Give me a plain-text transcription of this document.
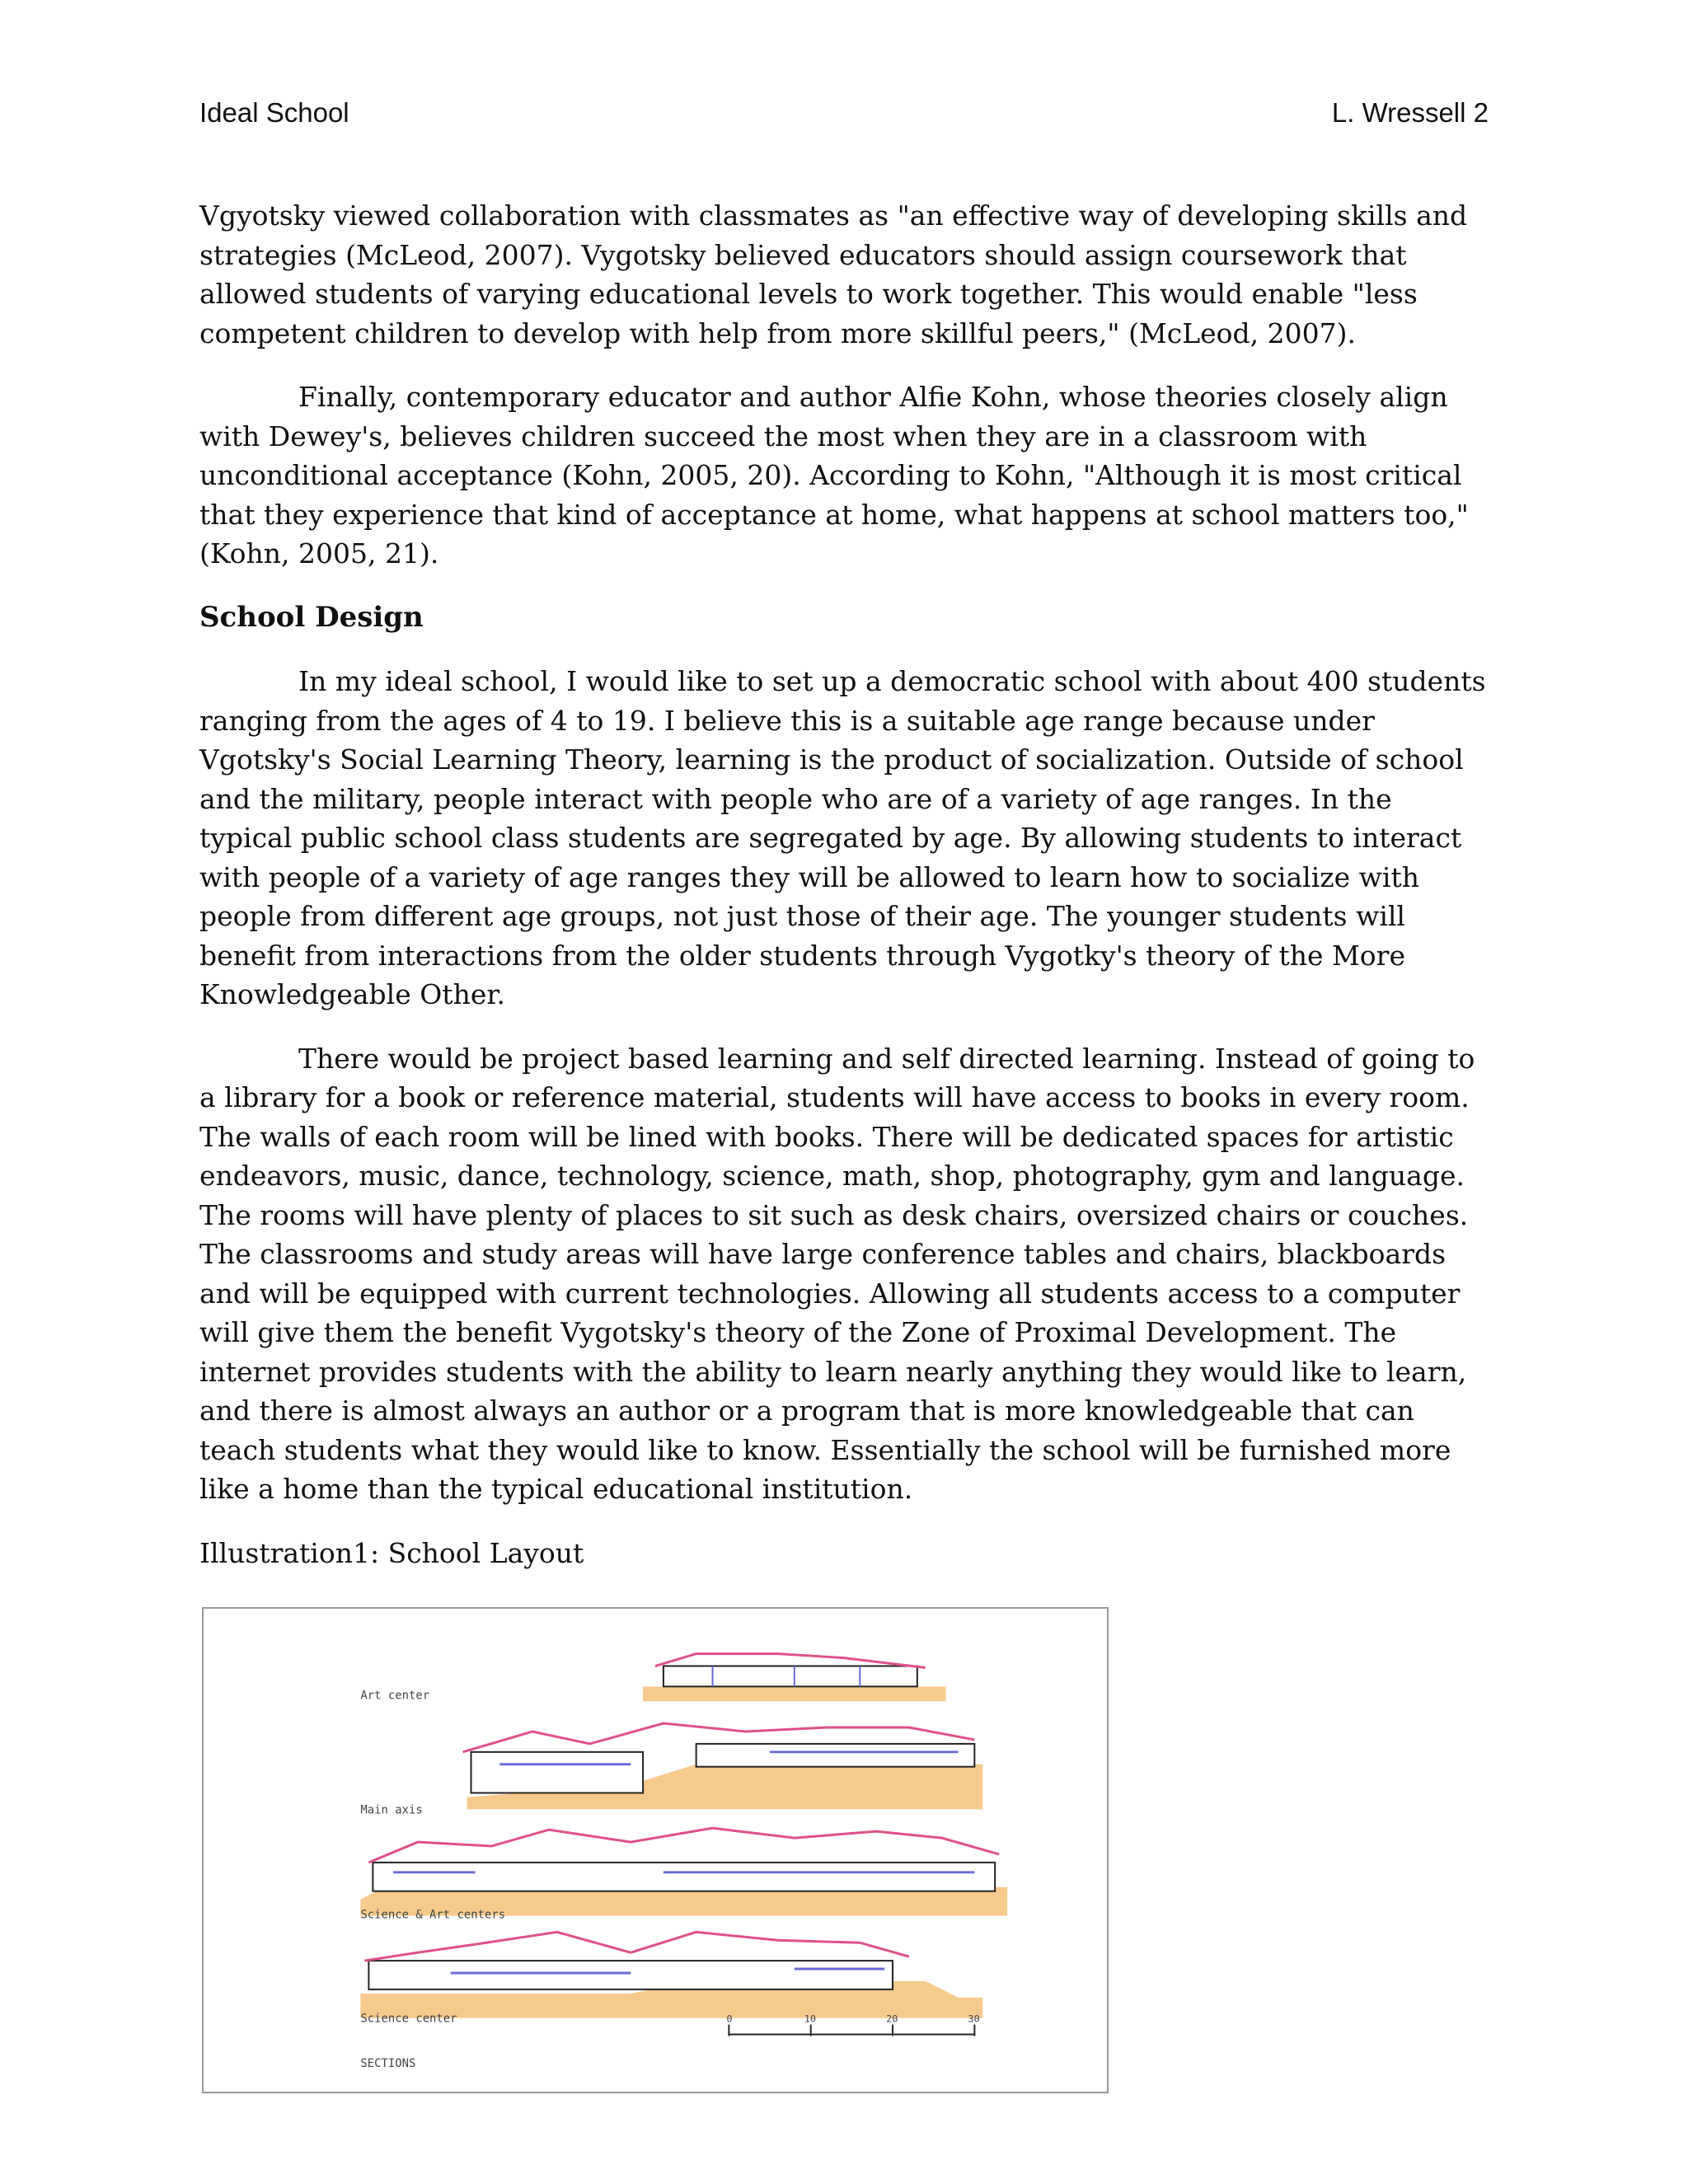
Ideal School	L. Wressell 2

Vgyotsky viewed collaboration with classmates as "an effective way of developing skills and strategies (McLeod, 2007). Vygotsky believed educators should assign coursework that allowed students of varying educational levels to work together. This would enable "less competent children to develop with help from more skillful peers," (McLeod, 2007).

Finally, contemporary educator and author Alfie Kohn, whose theories closely align with Dewey's, believes children succeed the most when they are in a classroom with unconditional acceptance (Kohn, 2005, 20). According to Kohn, "Although it is most critical that they experience that kind of acceptance at home, what happens at school matters too," (Kohn, 2005, 21).

School Design

In my ideal school, I would like to set up a democratic school with about 400 students ranging from the ages of 4 to 19. I believe this is a suitable age range because under Vgotsky's Social Learning Theory, learning is the product of socialization. Outside of school and the military, people interact with people who are of a variety of age ranges. In the typical public school class students are segregated by age. By allowing students to interact with people of a variety of age ranges they will be allowed to learn how to socialize with people from different age groups, not just those of their age. The younger students will benefit from interactions from the older students through Vygotky's theory of the More Knowledgeable Other.

There would be project based learning and self directed learning. Instead of going to a library for a book or reference material, students will have access to books in every room. The walls of each room will be lined with books. There will be dedicated spaces for artistic endeavors, music, dance, technology, science, math, shop, photography, gym and language. The rooms will have plenty of places to sit such as desk chairs, oversized chairs or couches. The classrooms and study areas will have large conference tables and chairs, blackboards and will be equipped with current technologies. Allowing all students access to a computer will give them the benefit Vygotsky's theory of the Zone of Proximal Development. The internet provides students with the ability to learn nearly anything they would like to learn, and there is almost always an author or a program that is more knowledgeable that can teach students what they would like to know. Essentially the school will be furnished more like a home than the typical educational institution.

Illustration1: School Layout

Art center
Main axis
Science & Art centers
Science center	0	10	20	30
SECTIONS
